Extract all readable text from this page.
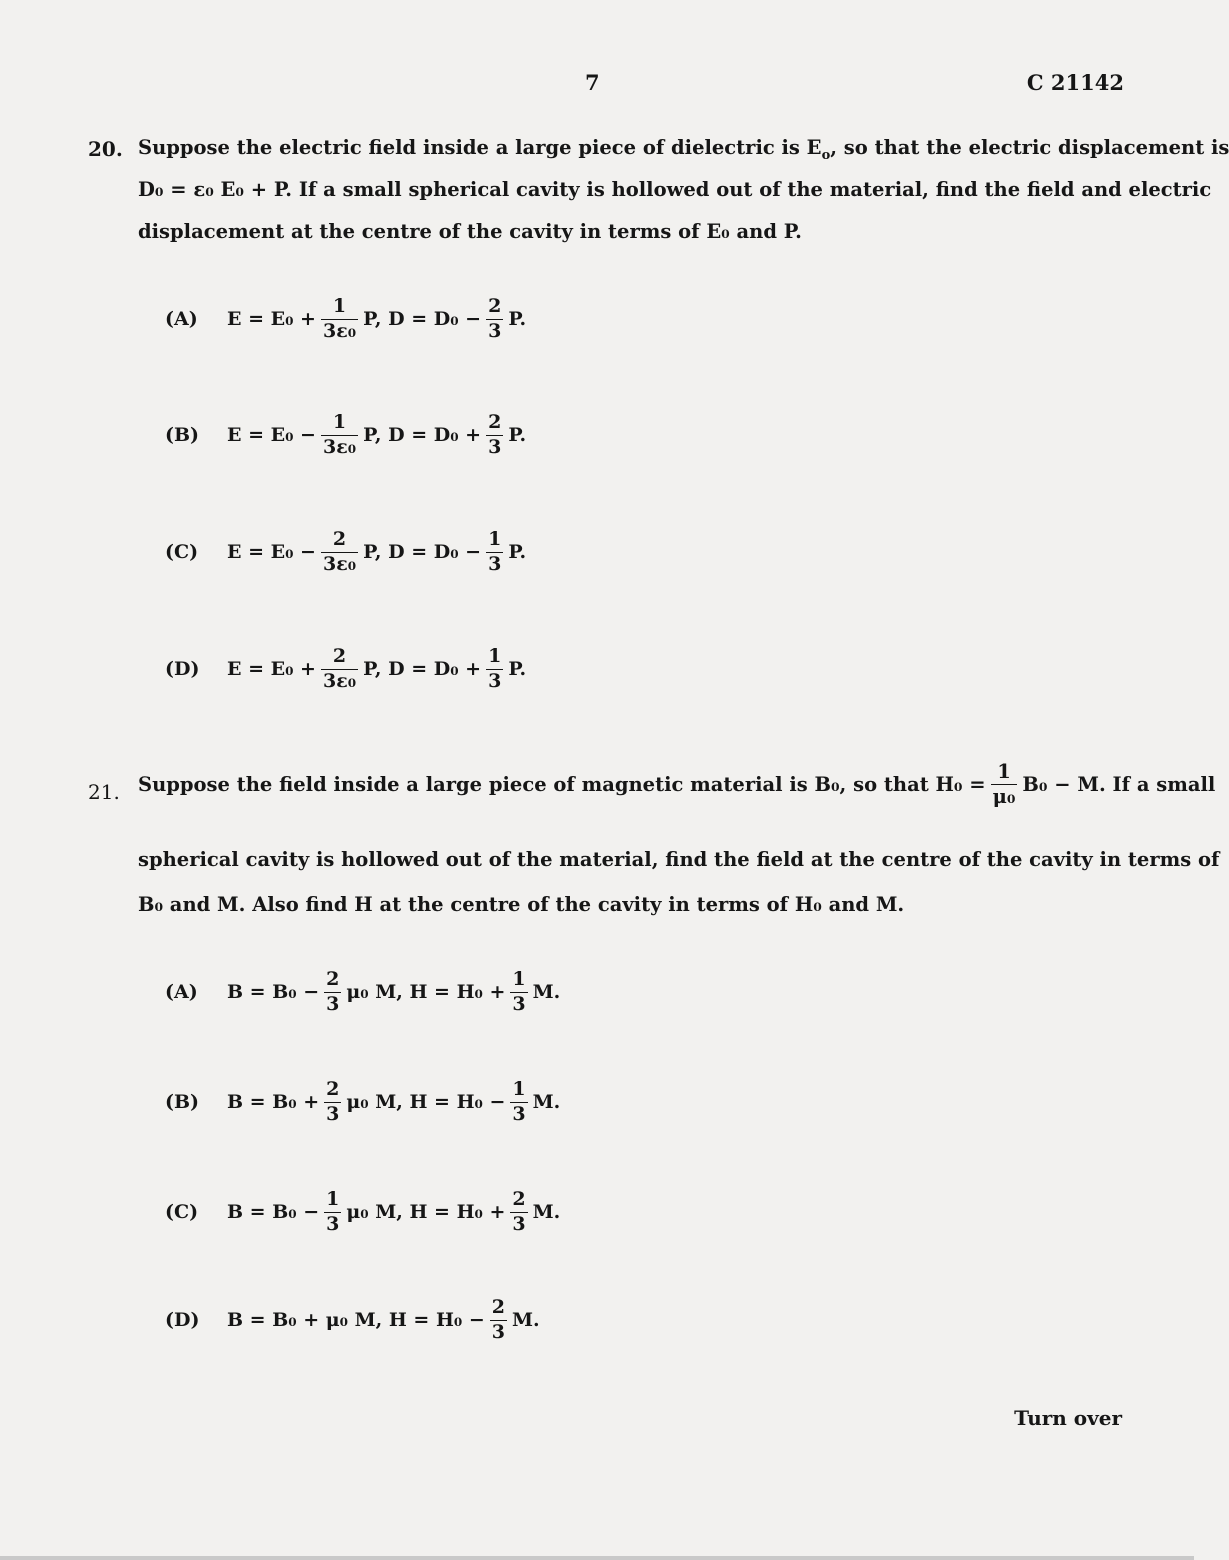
7	C 21142
20. Suppose the electric field inside a large piece of dielectric is $E_o$, so that the electric displacement is
D₀ = ε₀ E₀ + P. If a small spherical cavity is hollowed out of the material, find the field and electric
displacement at the centre of the cavity in terms of E₀ and P.
(A)	$E = E_0 + \frac{1}{\text{3ε₀}} P$, $D = D_0 - \frac{2}{3} P$.
(B)	$E = E_0 - \frac{1}{\text{3ε₀}} P$, $D = D_0 + \frac{2}{3} P$.
(C)	$E = E_0 - \frac{2}{\text{3ε₀}} P$, $D = D_0 - \frac{1}{3} P$.
(D)	$E = E_0 + \frac{2}{\text{3ε₀}} P$, $D = D_0 + \frac{1}{3} P$.
21. Suppose the field inside a large piece of magnetic material is B₀, so that $H_0 = \frac{1}{\text{μ₀}} B_0 - M$. If a small
spherical cavity is hollowed out of the material, find the field at the centre of the cavity in terms of
B₀ and M. Also find H at the centre of the cavity in terms of H₀ and M.
(A)	$B = B_0 - \frac{2}{3} \mu_0$ M, $H = H_0 + \frac{1}{3} M$.
(B)	$B = B_0 + \frac{2}{3} \mu_0$ M, $H = H_0 - \frac{1}{3} M$.
(C)	$B = B_0 - \frac{1}{3} \mu_0$ M, $H = H_0 + \frac{2}{3} M$.
(D)	B = B₀ + μ₀ M, $H = H_0 - \frac{2}{3} M$.
Turn over
